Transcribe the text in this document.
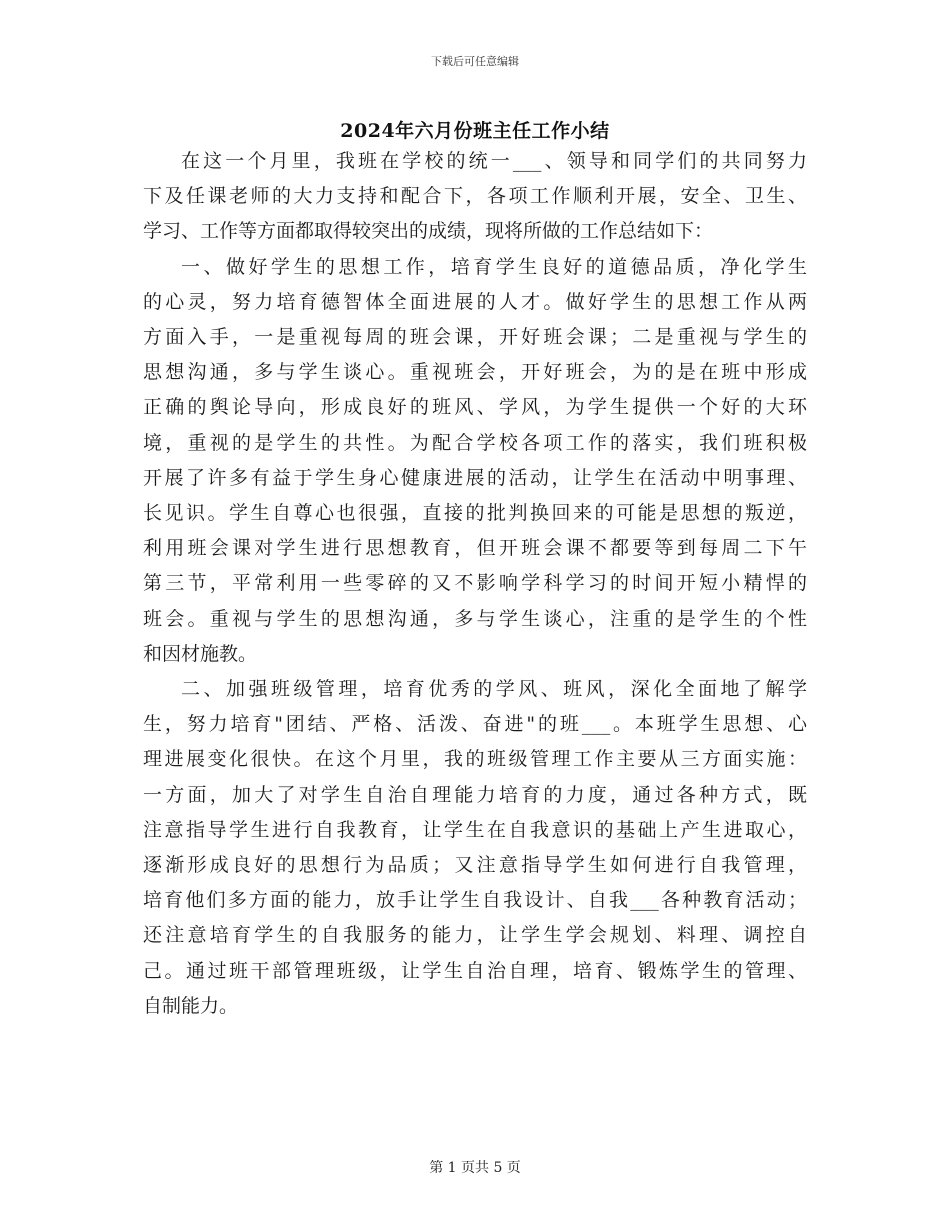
下载后可任意编辑
2024年六月份班主任工作小结

在这一个月里，我班在学校的统一___、领导和同学们的共同努力
下及任课老师的大力支持和配合下，各项工作顺利开展，安全、卫生、
学习、工作等方面都取得较突出的成绩，现将所做的工作总结如下：

一、做好学生的思想工作，培育学生良好的道德品质，净化学生
的心灵，努力培育德智体全面进展的人才。做好学生的思想工作从两
方面入手，一是重视每周的班会课，开好班会课；二是重视与学生的
思想沟通，多与学生谈心。重视班会，开好班会，为的是在班中形成
正确的舆论导向，形成良好的班风、学风，为学生提供一个好的大环
境，重视的是学生的共性。为配合学校各项工作的落实，我们班积极
开展了许多有益于学生身心健康进展的活动，让学生在活动中明事理、
长见识。学生自尊心也很强，直接的批判换回来的可能是思想的叛逆，
利用班会课对学生进行思想教育，但开班会课不都要等到每周二下午
第三节，平常利用一些零碎的又不影响学科学习的时间开短小精悍的
班会。重视与学生的思想沟通，多与学生谈心，注重的是学生的个性
和因材施教。

二、加强班级管理，培育优秀的学风、班风，深化全面地了解学
生，努力培育"团结、严格、活泼、奋进"的班___。本班学生思想、心
理进展变化很快。在这个月里，我的班级管理工作主要从三方面实施：
一方面，加大了对学生自治自理能力培育的力度，通过各种方式，既
注意指导学生进行自我教育，让学生在自我意识的基础上产生进取心，
逐渐形成良好的思想行为品质；又注意指导学生如何进行自我管理，
培育他们多方面的能力，放手让学生自我设计、自我___各种教育活动；
还注意培育学生的自我服务的能力，让学生学会规划、料理、调控自
己。通过班干部管理班级，让学生自治自理，培育、锻炼学生的管理、
自制能力。

第 1 页共 5 页
